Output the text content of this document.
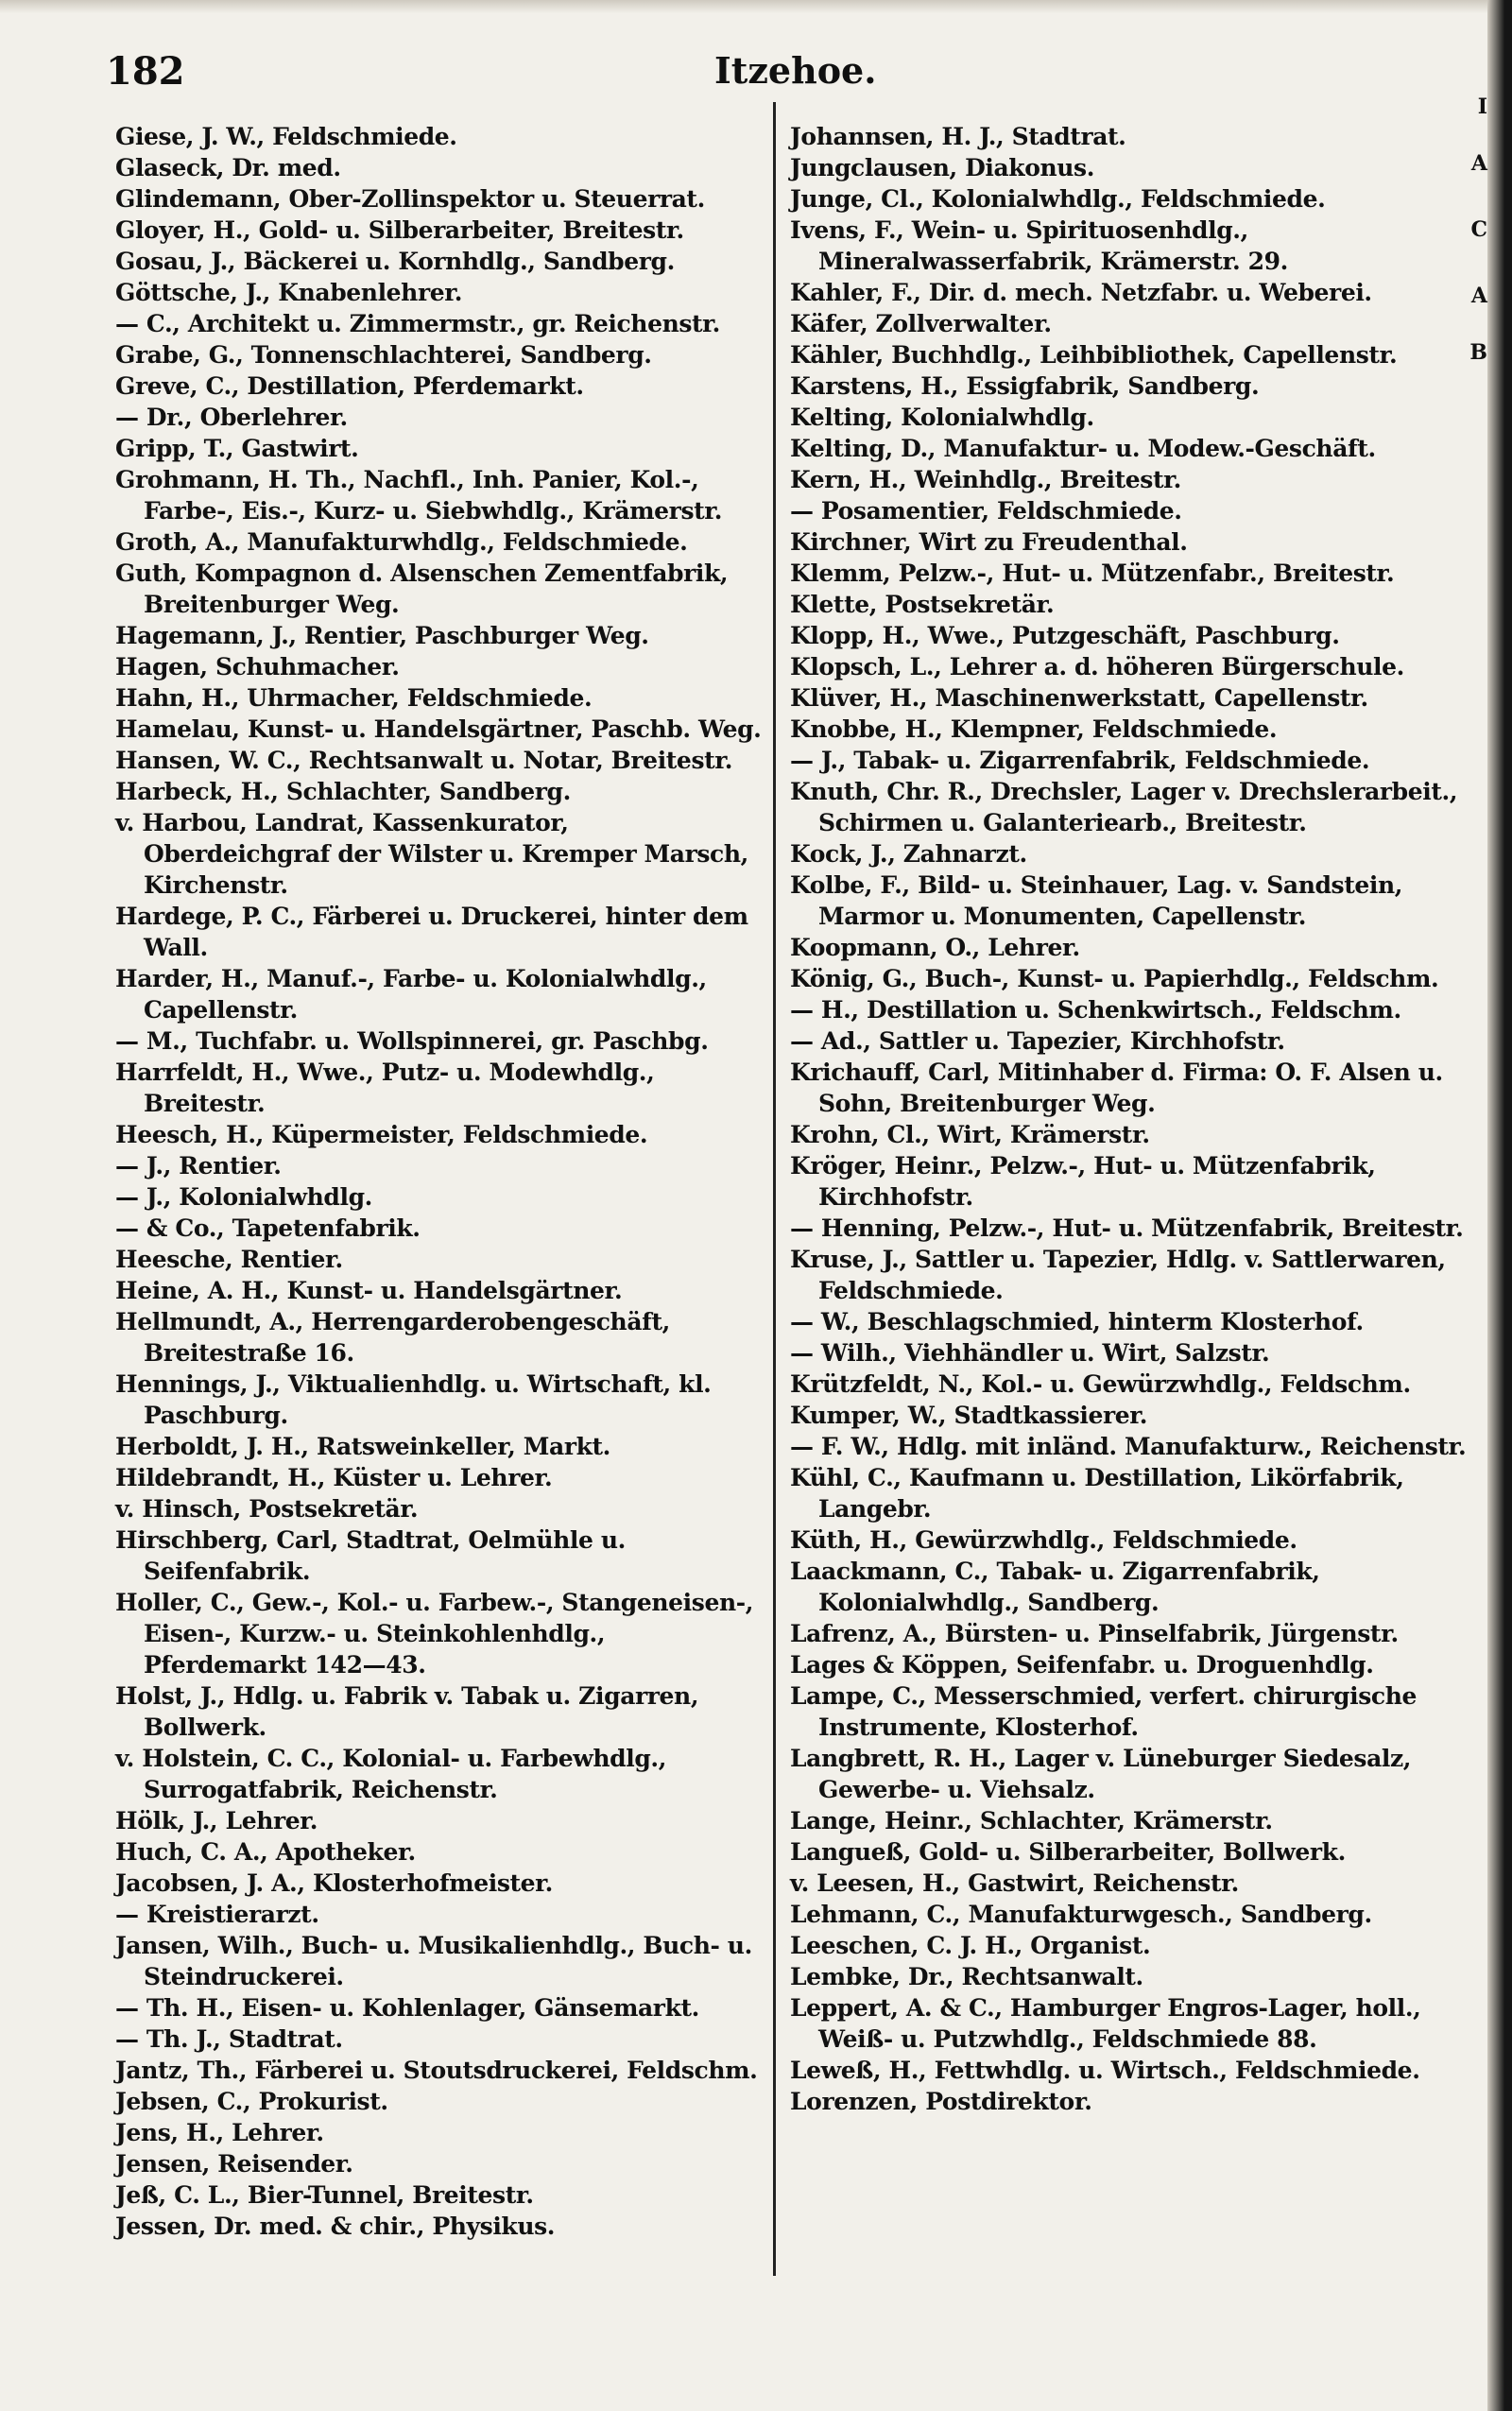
182	Itzehoe.
Giese, J. W., Feldschmiede.
Glaseck, Dr. med.
Glindemann, Ober-Zollinspektor u. Steuerrat.
Gloyer, H., Gold- u. Silberarbeiter, Breitestr.
Gosau, J., Bäckerei u. Kornhdlg., Sandberg.
Göttsche, J., Knabenlehrer.
— C., Architekt u. Zimmermstr., gr. Reichenstr.
Grabe, G., Tonnenschlachterei, Sandberg.
Greve, C., Destillation, Pferdemarkt.
— Dr., Oberlehrer.
Gripp, T., Gastwirt.
Grohmann, H. Th., Nachfl., Inh. Panier, Kol.-, Farbe-, Eis.-, Kurz- u. Siebwhdlg., Krämerstr.
Groth, A., Manufakturwhdlg., Feldschmiede.
Guth, Kompagnon d. Alsenschen Zementfabrik, Breitenburger Weg.
Hagemann, J., Rentier, Paschburger Weg.
Hagen, Schuhmacher.
Hahn, H., Uhrmacher, Feldschmiede.
Hamelau, Kunst- u. Handelsgärtner, Paschb. Weg.
Hansen, W. C., Rechtsanwalt u. Notar, Breitestr.
Harbeck, H., Schlachter, Sandberg.
v. Harbou, Landrat, Kassenkurator, Oberdeichgraf der Wilster u. Kremper Marsch, Kirchenstr.
Hardege, P. C., Färberei u. Druckerei, hinter dem Wall.
Harder, H., Manuf.-, Farbe- u. Kolonialwhdlg., Capellenstr.
— M., Tuchfabr. u. Wollspinnerei, gr. Paschbg.
Harrfeldt, H., Wwe., Putz- u. Modewhdlg., Breitestr.
Heesch, H., Küpermeister, Feldschmiede.
— J., Rentier.
— J., Kolonialwhdlg.
— & Co., Tapetenfabrik.
Heesche, Rentier.
Heine, A. H., Kunst- u. Handelsgärtner.
Hellmundt, A., Herrengarderobengeschäft, Breitestraße 16.
Hennings, J., Viktualienhdlg. u. Wirtschaft, kl. Paschburg.
Herboldt, J. H., Ratsweinkeller, Markt.
Hildebrandt, H., Küster u. Lehrer.
v. Hinsch, Postsekretär.
Hirschberg, Carl, Stadtrat, Oelmühle u. Seifenfabrik.
Holler, C., Gew.-, Kol.- u. Farbew.-, Stangeneisen-, Eisen-, Kurzw.- u. Steinkohlenhdlg., Pferdemarkt 142—43.
Holst, J., Hdlg. u. Fabrik v. Tabak u. Zigarren, Bollwerk.
v. Holstein, C. C., Kolonial- u. Farbewhdlg., Surrogatfabrik, Reichenstr.
Hölk, J., Lehrer.
Huch, C. A., Apotheker.
Jacobsen, J. A., Klosterhofmeister.
— Kreistierarzt.
Jansen, Wilh., Buch- u. Musikalienhdlg., Buch- u. Steindruckerei.
— Th. H., Eisen- u. Kohlenlager, Gänsemarkt.
— Th. J., Stadtrat.
Jantz, Th., Färberei u. Stoutsdruckerei, Feldschm.
Jebsen, C., Prokurist.
Jens, H., Lehrer.
Jensen, Reisender.
Jeß, C. L., Bier-Tunnel, Breitestr.
Jessen, Dr. med. & chir., Physikus.
Johannsen, H. J., Stadtrat.
Jungclausen, Diakonus.
Junge, Cl., Kolonialwhdlg., Feldschmiede.
Ivens, F., Wein- u. Spirituosenhdlg., Mineralwasserfabrik, Krämerstr. 29.
Kahler, F., Dir. d. mech. Netzfabr. u. Weberei.
Käfer, Zollverwalter.
Kähler, Buchhdlg., Leihbibliothek, Capellenstr.
Karstens, H., Essigfabrik, Sandberg.
Kelting, Kolonialwhdlg.
Kelting, D., Manufaktur- u. Modew.-Geschäft.
Kern, H., Weinhdlg., Breitestr.
— Posamentier, Feldschmiede.
Kirchner, Wirt zu Freudenthal.
Klemm, Pelzw.-, Hut- u. Mützenfabr., Breitestr.
Klette, Postsekretär.
Klopp, H., Wwe., Putzgeschäft, Paschburg.
Klopsch, L., Lehrer a. d. höheren Bürgerschule.
Klüver, H., Maschinenwerkstatt, Capellenstr.
Knobbe, H., Klempner, Feldschmiede.
— J., Tabak- u. Zigarrenfabrik, Feldschmiede.
Knuth, Chr. R., Drechsler, Lager v. Drechslerarbeit., Schirmen u. Galanteriearb., Breitestr.
Kock, J., Zahnarzt.
Kolbe, F., Bild- u. Steinhauer, Lag. v. Sandstein, Marmor u. Monumenten, Capellenstr.
Koopmann, O., Lehrer.
König, G., Buch-, Kunst- u. Papierhdlg., Feldschm.
— H., Destillation u. Schenkwirtsch., Feldschm.
— Ad., Sattler u. Tapezier, Kirchhofstr.
Krichauff, Carl, Mitinhaber d. Firma: O. F. Alsen u. Sohn, Breitenburger Weg.
Krohn, Cl., Wirt, Krämerstr.
Kröger, Heinr., Pelzw.-, Hut- u. Mützenfabrik, Kirchhofstr.
— Henning, Pelzw.-, Hut- u. Mützenfabrik, Breitestr.
Kruse, J., Sattler u. Tapezier, Hdlg. v. Sattlerwaren, Feldschmiede.
— W., Beschlagschmied, hinterm Klosterhof.
— Wilh., Viehhändler u. Wirt, Salzstr.
Krützfeldt, N., Kol.- u. Gewürzwhdlg., Feldschm.
Kumper, W., Stadtkassierer.
— F. W., Hdlg. mit inländ. Manufakturw., Reichenstr.
Kühl, C., Kaufmann u. Destillation, Likörfabrik, Langebr.
Küth, H., Gewürzwhdlg., Feldschmiede.
Laackmann, C., Tabak- u. Zigarrenfabrik, Kolonialwhdlg., Sandberg.
Lafrenz, A., Bürsten- u. Pinselfabrik, Jürgenstr.
Lages & Köppen, Seifenfabr. u. Droguenhdlg.
Lampe, C., Messerschmied, verfert. chirurgische Instrumente, Klosterhof.
Langbrett, R. H., Lager v. Lüneburger Siedesalz, Gewerbe- u. Viehsalz.
Lange, Heinr., Schlachter, Krämerstr.
Langueß, Gold- u. Silberarbeiter, Bollwerk.
v. Leesen, H., Gastwirt, Reichenstr.
Lehmann, C., Manufakturwgesch., Sandberg.
Leeschen, C. J. H., Organist.
Lembke, Dr., Rechtsanwalt.
Leppert, A. & C., Hamburger Engros-Lager, holl., Weiß- u. Putzwhdlg., Feldschmiede 88.
Leweß, H., Fettwhdlg. u. Wirtsch., Feldschmiede.
Lorenzen, Postdirektor.
I
A
C
A
B
